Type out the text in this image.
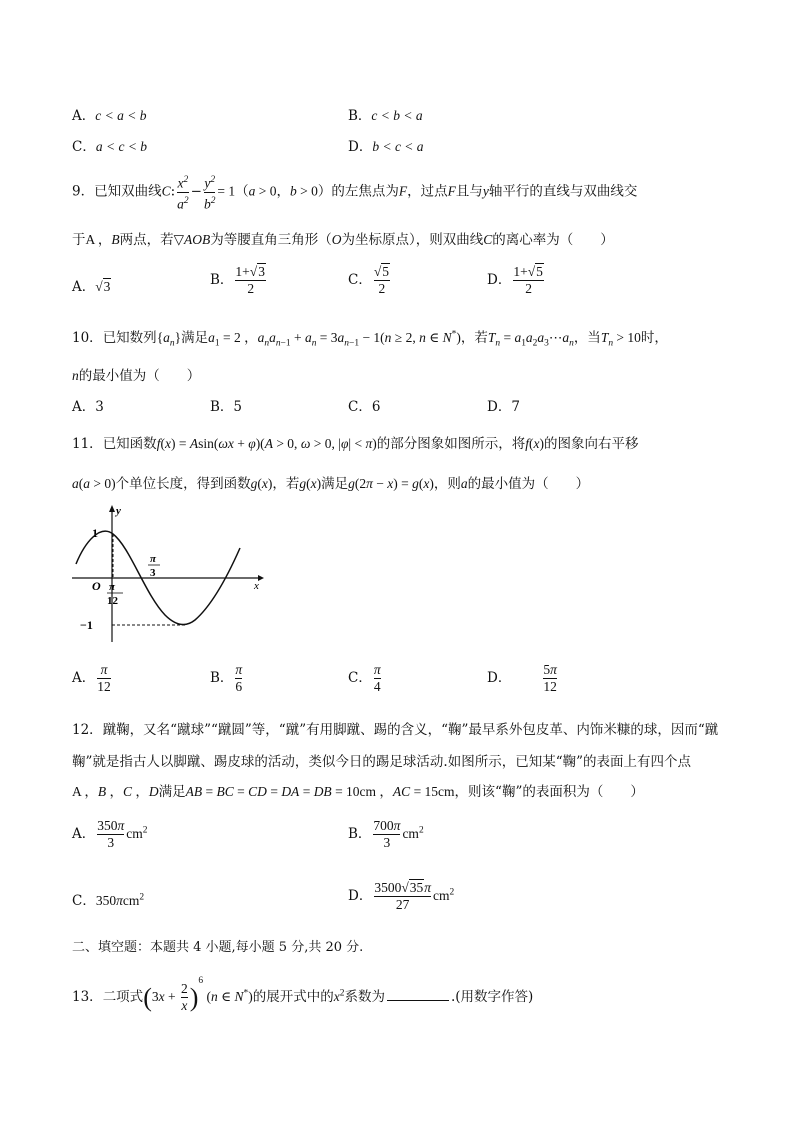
A．c < a < b	B．c < b < a
C．a < c < b	D．b < c < a
9．已知双曲线C: $\frac{x^2}{a^2} - \frac{y^2}{b^2} = 1(a > 0$，b > 0）的左焦点为F，过点F且与y轴平行的直线与双曲线交
于A ，B两点，若▽AOB为等腰直角三角形（O为坐标原点），则双曲线C的离心率为（　　）
A．√3	B． $\frac{1+√3}{2}$	C． $\frac{√5}{2}$	D． $\frac{1+√5}{2}$
10．已知数列$\{a_n\}$满足$a_1 = 2$ ，$a_na_{n-1} + a_n = 3a_{n-1} - 1(n \ge 2$, n ∈ N*)，若$T_n$ = $a_1a_2a_3\cdots a_n$，当$T_n > 10$时，
n的最小值为（　　）
A．3	B．5	C．6	D．7
11．已知函数f(x) = Asin(ωx + φ)(A > 0, ω > 0, |φ| < π)的部分图象如图所示，将f(x)的图象向右平移
a(a > 0)个单位长度，得到函数g(x)，若g(x)满足g(2π − x) = g(x)，则a的最小值为（　　）
x
y
O
1
−1
π
12
π
3
A． $\frac{\pi}{12}$	B． $\frac{\pi}{6}$	C． $\frac{\pi}{4}$	D． $\frac{5\pi}{12}$
12．蹴鞠，又名“蹴球”“蹴圆”等，“蹴”有用脚蹴、踢的含义，“鞠”最早系外包皮革、内饰米糠的球，因而“蹴
鞠”就是指古人以脚蹴、踢皮球的活动，类似今日的踢足球活动.如图所示，已知某“鞠”的表面上有四个点
A ，B ，C ，D满足AB = BC = CD = DA = DB = 10cm ，AC = 15cm，则该“鞠”的表面积为（　　）
A． $\frac{350\pi}{3} cm^2$	B． $\frac{700\pi}{3} cm^2$
C．350πcm$^2$	D． $\frac{3500√35\pi}{27} cm^2$
二、填空题：本题共 4 小题,每小题 5 分,共 20 分.
13．二项式$(3x + \frac{2}{x} )^6$ (n ∈ N*)的展开式中的$x^2$系数为	.(用数字作答)
